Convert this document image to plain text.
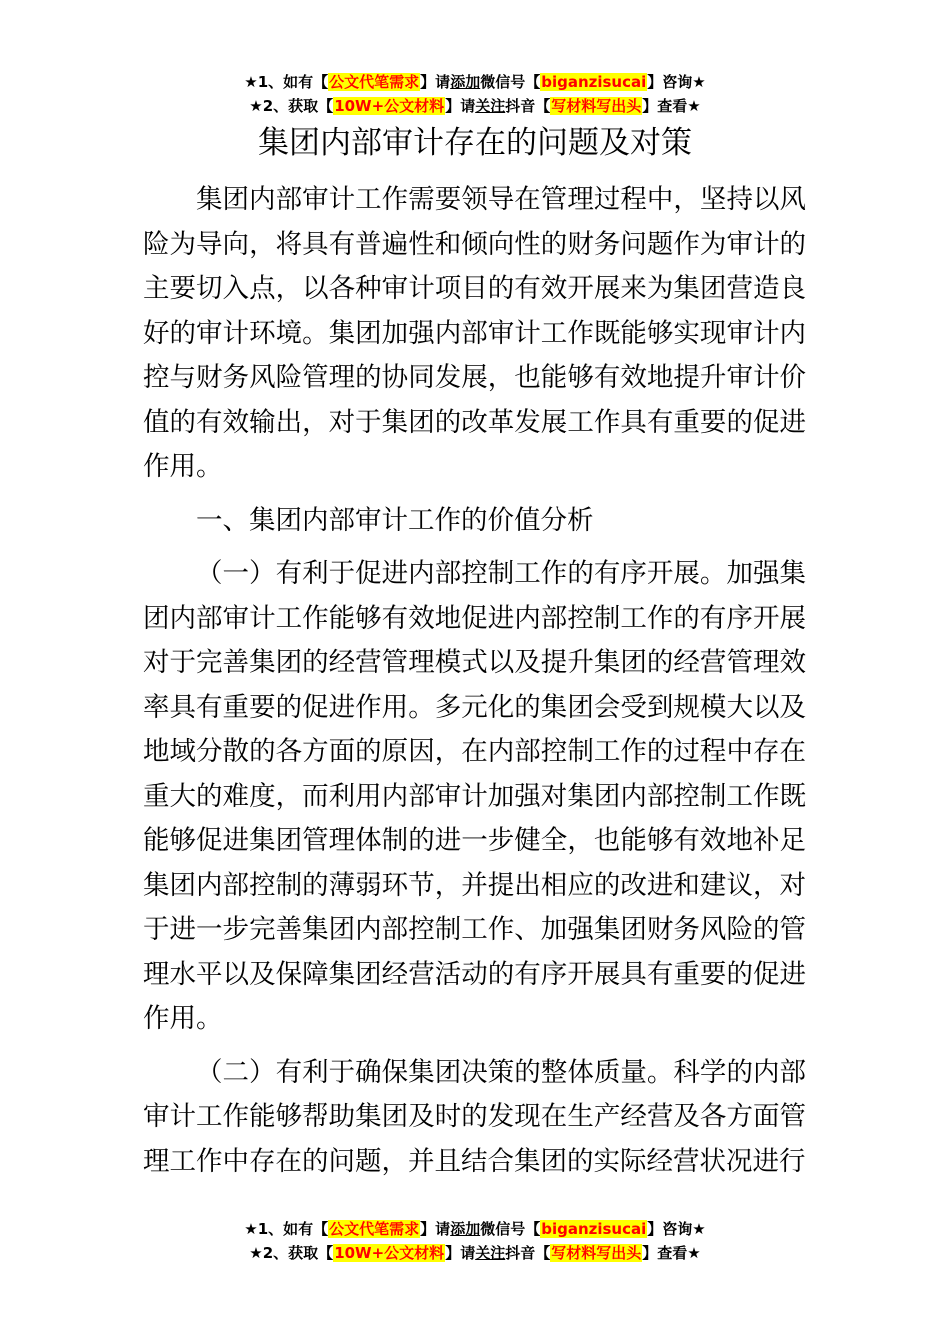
★1、如有【公文代笔需求】请添加微信号【biganzisucai】咨询★
★2、获取【10W+公文材料】请关注抖音【写材料写出头】查看★
集团内部审计存在的问题及对策

集团内部审计工作需要领导在管理过程中，坚持以风险为导向，将具有普遍性和倾向性的财务问题作为审计的主要切入点，以各种审计项目的有效开展来为集团营造良好的审计环境。集团加强内部审计工作既能够实现审计内控与财务风险管理的协同发展，也能够有效地提升审计价值的有效输出，对于集团的改革发展工作具有重要的促进作用。

一、集团内部审计工作的价值分析

（一）有利于促进内部控制工作的有序开展。加强集团内部审计工作能够有效地促进内部控制工作的有序开展对于完善集团的经营管理模式以及提升集团的经营管理效率具有重要的促进作用。多元化的集团会受到规模大以及地域分散的各方面的原因，在内部控制工作的过程中存在重大的难度，而利用内部审计加强对集团内部控制工作既能够促进集团管理体制的进一步健全，也能够有效地补足集团内部控制的薄弱环节，并提出相应的改进和建议，对于进一步完善集团内部控制工作、加强集团财务风险的管理水平以及保障集团经营活动的有序开展具有重要的促进作用。

（二）有利于确保集团决策的整体质量。科学的内部审计工作能够帮助集团及时的发现在生产经营及各方面管理工作中存在的问题，并且结合集团的实际经营状况进行

★1、如有【公文代笔需求】请添加微信号【biganzisucai】咨询★
★2、获取【10W+公文材料】请关注抖音【写材料写出头】查看★
